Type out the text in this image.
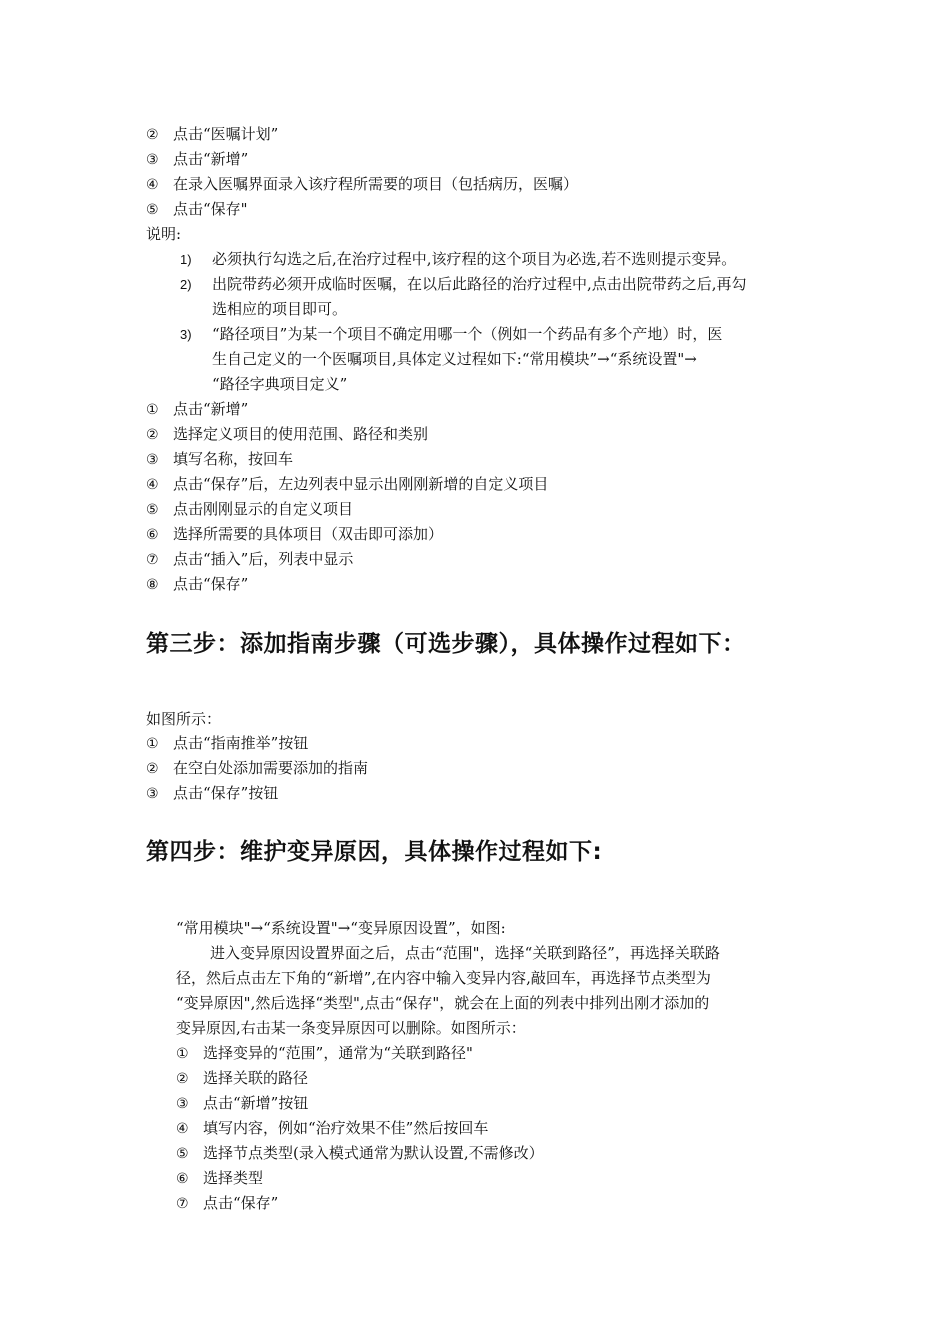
② 点击“医嘱计划”
③ 点击“新增”
④ 在录入医嘱界面录入该疗程所需要的项目（包括病历，医嘱）
⑤ 点击“保存"
说明:
1) 必须执行勾选之后,在治疗过程中,该疗程的这个项目为必选,若不选则提示变异。
2) 出院带药必须开成临时医嘱，在以后此路径的治疗过程中,点击出院带药之后,再勾
选相应的项目即可。
3) “路径项目”为某一个项目不确定用哪一个（例如一个药品有多个产地）时，医
生自己定义的一个医嘱项目,具体定义过程如下:“常用模块”→“系统设置"→
“路径字典项目定义”
① 点击“新增”
② 选择定义项目的使用范围、路径和类别
③ 填写名称，按回车
④ 点击“保存”后，左边列表中显示出刚刚新增的自定义项目
⑤ 点击刚刚显示的自定义项目
⑥ 选择所需要的具体项目（双击即可添加）
⑦ 点击“插入”后，列表中显示
⑧ 点击“保存”
第三步：添加指南步骤（可选步骤），具体操作过程如下：
如图所示：
① 点击“指南推举”按钮
② 在空白处添加需要添加的指南
③ 点击“保存”按钮
第四步：维护变异原因，具体操作过程如下:
“常用模块"→“系统设置"→“变异原因设置”，如图:
进入变异原因设置界面之后，点击“范围"，选择“关联到路径”，再选择关联路
径，然后点击左下角的“新增”,在内容中输入变异内容,敲回车，再选择节点类型为
“变异原因",然后选择“类型",点击“保存"，就会在上面的列表中排列出刚才添加的
变异原因,右击某一条变异原因可以删除。如图所示：
① 选择变异的“范围”，通常为“关联到路径"
② 选择关联的路径
③ 点击“新增”按钮
④ 填写内容，例如“治疗效果不佳”然后按回车
⑤ 选择节点类型(录入模式通常为默认设置,不需修改）
⑥ 选择类型
⑦ 点击“保存”
